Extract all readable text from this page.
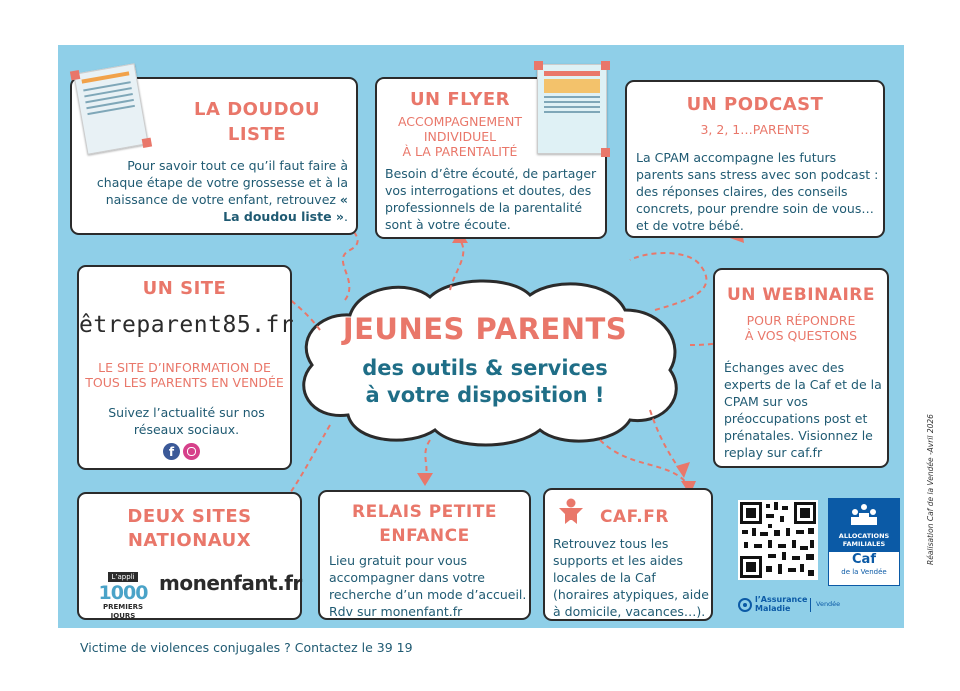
JEUNES PARENTS
des outils & services
à votre disposition !
LA DOUDOU
LISTE
Pour savoir tout ce qu’il faut faire à chaque étape de votre grossesse et à la naissance de votre enfant, retrouvez « La doudou liste ».
UN FLYER
ACCOMPAGNEMENT
INDIVIDUEL
À LA PARENTALITÉ
Besoin d’être écouté, de partager vos interrogations et doutes, des professionnels de la parentalité sont à votre écoute.
UN PODCAST
3, 2, 1…PARENTS
La CPAM accompagne les futurs parents sans stress avec son podcast : des réponses claires, des conseils concrets, pour prendre soin de vous… et de votre bébé.
UN SITE
êtreparent85.fr
LE SITE D’INFORMATION DE
TOUS LES PARENTS EN VENDÉE
Suivez l’actualité sur nos réseaux sociaux.
f
UN WEBINAIRE
POUR RÉPONDRE
À VOS QUESTONS
Échanges avec des experts de la Caf et de la CPAM sur vos préoccupations post et prénatales. Visionnez le replay sur caf.fr
DEUX SITES
NATIONAUX
L’appli
1000
PREMIERS
JOURS
monenfant.fr
RELAIS PETITE
ENFANCE
Lieu gratuit pour vous accompagner dans votre recherche d’un mode d’accueil. Rdv sur monenfant.fr
CAF.FR
Retrouvez tous les supports et les aides locales de la Caf (horaires atypiques, aide à domicile, vacances…).
ALLOCATIONS
FAMILIALES
Caf
de la Vendée
l’Assurance
Maladie	Vendée
Réalisation Caf de la Vendée -Avril 2026
Victime de violences conjugales ? Contactez le 39 19
